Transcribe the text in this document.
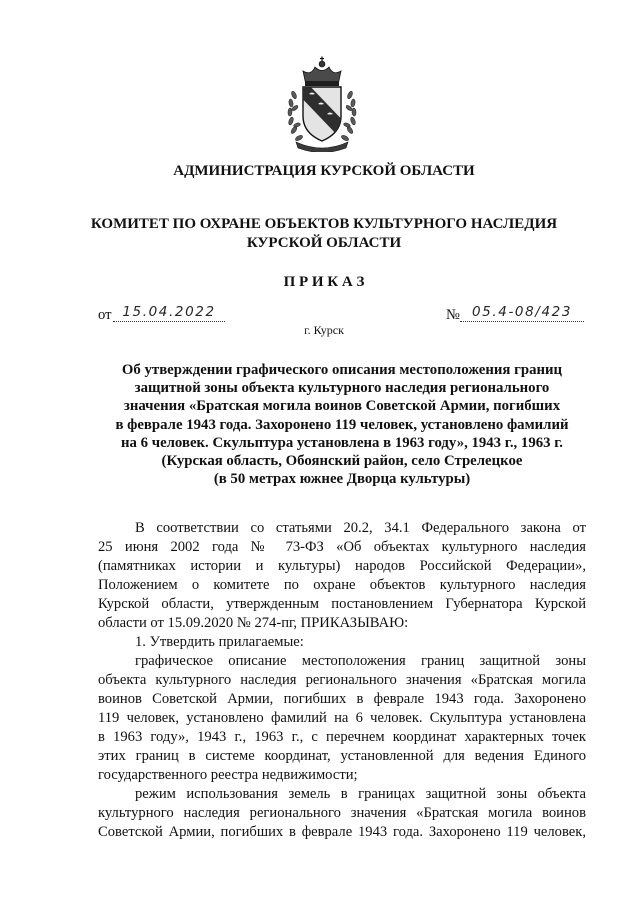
АДМИНИСТРАЦИЯ КУРСКОЙ ОБЛАСТИ
КОМИТЕТ ПО ОХРАНЕ ОБЪЕКТОВ КУЛЬТУРНОГО НАСЛЕДИЯ
КУРСКОЙ ОБЛАСТИ
П Р И К А З
от 15.04.2022	№ 05.4-08/423
г. Курск
Об утверждении графического описания местоположения границ
защитной зоны объекта культурного наследия регионального
значения «Братская могила воинов Советской Армии, погибших
в феврале 1943 года. Захоронено 119 человек, установлено фамилий
на 6 человек. Скульптура установлена в 1963 году», 1943 г., 1963 г.
(Курская область, Обоянский район, село Стрелецкое
(в 50 метрах южнее Дворца культуры)
В соответствии со статьями 20.2, 34.1 Федерального закона от
25 июня 2002 года № 73-ФЗ «Об объектах культурного наследия
(памятниках истории и культуры) народов Российской Федерации»,
Положением о комитете по охране объектов культурного наследия
Курской области, утвержденным постановлением Губернатора Курской
области от 15.09.2020 № 274-пг, ПРИКАЗЫВАЮ:
1. Утвердить прилагаемые:
графическое описание местоположения границ защитной зоны
объекта культурного наследия регионального значения «Братская могила
воинов Советской Армии, погибших в феврале 1943 года. Захоронено
119 человек, установлено фамилий на 6 человек. Скульптура установлена
в 1963 году», 1943 г., 1963 г., с перечнем координат характерных точек
этих границ в системе координат, установленной для ведения Единого
государственного реестра недвижимости;
режим использования земель в границах защитной зоны объекта
культурного наследия регионального значения «Братская могила воинов
Советской Армии, погибших в феврале 1943 года. Захоронено 119 человек,
